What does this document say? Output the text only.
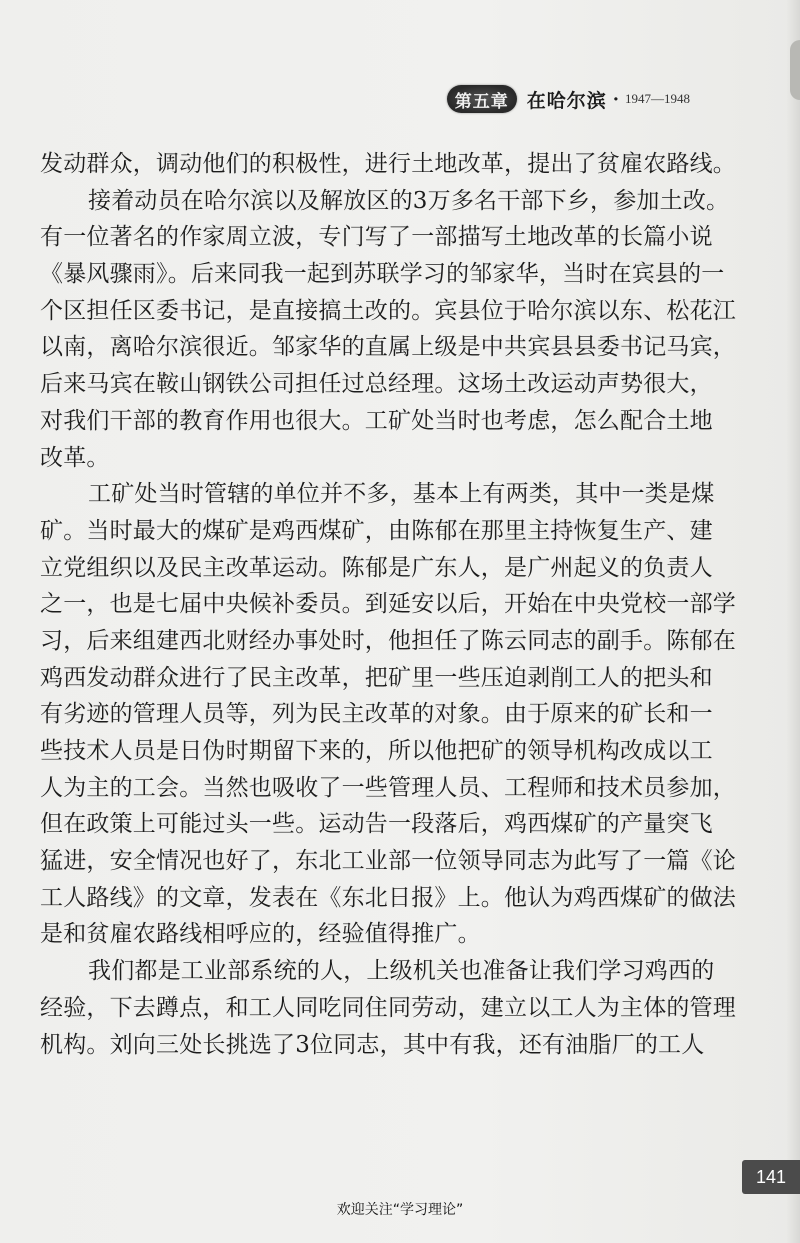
第五章 在哈尔滨 · 1947—1948
发动群众，调动他们的积极性，进行土地改革，提出了贫雇农路线。
接着动员在哈尔滨以及解放区的3万多名干部下乡，参加土改。
有一位著名的作家周立波，专门写了一部描写土地改革的长篇小说
《暴风骤雨》。后来同我一起到苏联学习的邹家华，当时在宾县的一
个区担任区委书记，是直接搞土改的。宾县位于哈尔滨以东、松花江
以南，离哈尔滨很近。邹家华的直属上级是中共宾县县委书记马宾，
后来马宾在鞍山钢铁公司担任过总经理。这场土改运动声势很大，
对我们干部的教育作用也很大。工矿处当时也考虑，怎么配合土地
改革。
工矿处当时管辖的单位并不多，基本上有两类，其中一类是煤
矿。当时最大的煤矿是鸡西煤矿，由陈郁在那里主持恢复生产、建
立党组织以及民主改革运动。陈郁是广东人，是广州起义的负责人
之一，也是七届中央候补委员。到延安以后，开始在中央党校一部学
习，后来组建西北财经办事处时，他担任了陈云同志的副手。陈郁在
鸡西发动群众进行了民主改革，把矿里一些压迫剥削工人的把头和
有劣迹的管理人员等，列为民主改革的对象。由于原来的矿长和一
些技术人员是日伪时期留下来的，所以他把矿的领导机构改成以工
人为主的工会。当然也吸收了一些管理人员、工程师和技术员参加，
但在政策上可能过头一些。运动告一段落后，鸡西煤矿的产量突飞
猛进，安全情况也好了，东北工业部一位领导同志为此写了一篇《论
工人路线》的文章，发表在《东北日报》上。他认为鸡西煤矿的做法
是和贫雇农路线相呼应的，经验值得推广。
我们都是工业部系统的人，上级机关也准备让我们学习鸡西的
经验，下去蹲点，和工人同吃同住同劳动，建立以工人为主体的管理
机构。刘向三处长挑选了3位同志，其中有我，还有油脂厂的工人
141
欢迎关注“学习理论”
